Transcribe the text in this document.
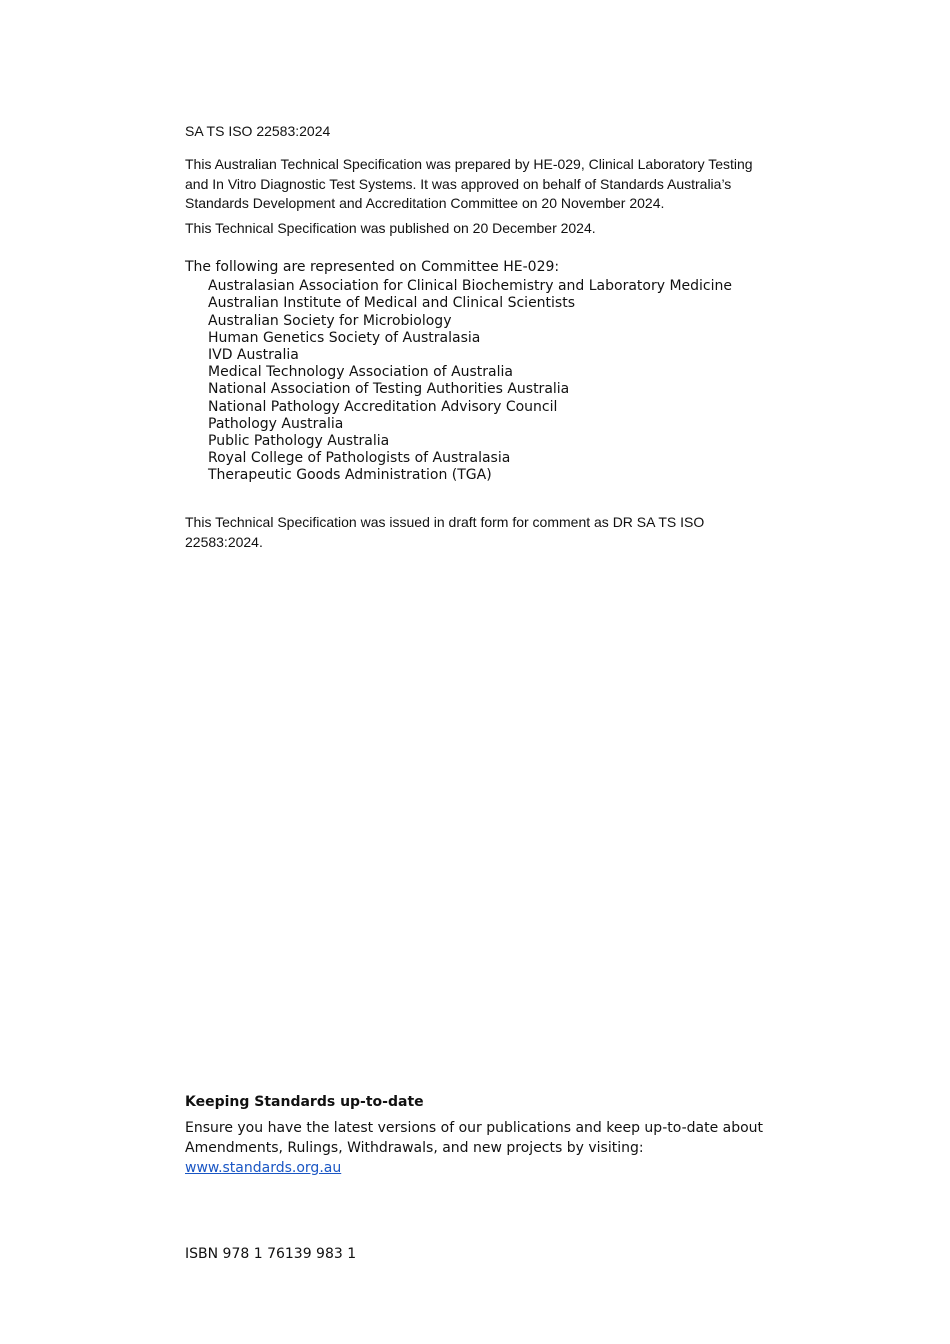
SA TS ISO 22583:2024
This Australian Technical Specification was prepared by HE-029, Clinical Laboratory Testing and In Vitro Diagnostic Test Systems. It was approved on behalf of Standards Australia’s Standards Development and Accreditation Committee on 20 November 2024.
This Technical Specification was published on 20 December 2024.
The following are represented on Committee HE-029:
Australasian Association for Clinical Biochemistry and Laboratory Medicine
Australian Institute of Medical and Clinical Scientists
Australian Society for Microbiology
Human Genetics Society of Australasia
IVD Australia
Medical Technology Association of Australia
National Association of Testing Authorities Australia
National Pathology Accreditation Advisory Council
Pathology Australia
Public Pathology Australia
Royal College of Pathologists of Australasia
Therapeutic Goods Administration (TGA)
This Technical Specification was issued in draft form for comment as DR SA TS ISO 22583:2024.
Keeping Standards up-to-date
Ensure you have the latest versions of our publications and keep up-to-date about Amendments, Rulings, Withdrawals, and new projects by visiting:
www.standards.org.au
ISBN 978 1 76139 983 1
